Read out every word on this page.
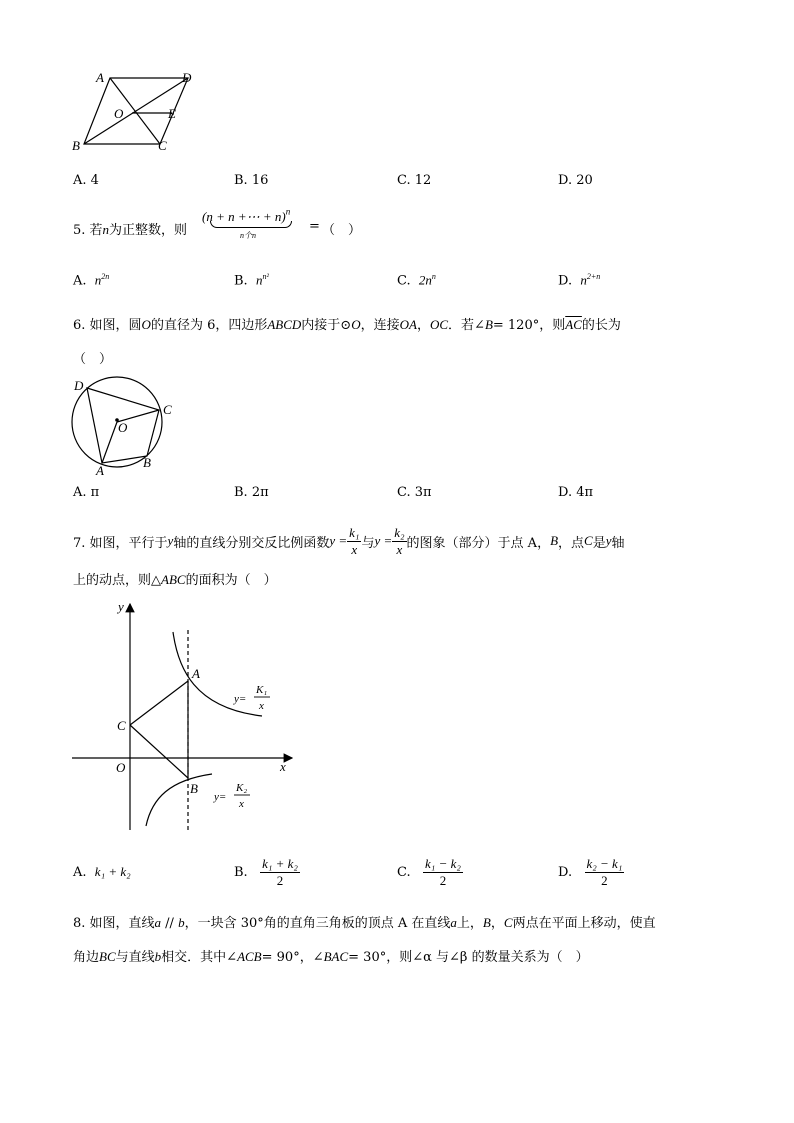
A	D
O	E
B	C
A. 4	B. 16	C. 12	D. 20
5. 若n为正整数，则
(n + n +⋯ + n)$^n$
n个n
= （　）
A. $n^{2n}$	B. $n^{n^2}$	C. $2n^n$	D. $n^{2+n}$
6. 如图，圆O的直径为 6，四边形ABCD内接于⊙O，连接OA，OC．若∠B= 120°，则$\overline{AC}$的长为
（　）
D
C
O
A
B
A. π	B. 2π	C. 3π	D. 4π
7. 如图，平行于 y 轴的直线分别交反比例函数 $y = \frac{\text{k₁}}{x}$ 与 $y = \frac{\text{k₂}}{x}$ 的图象（部分）于点 A， B ，点 C 是 y 轴
上的动点，则△ABC的面积为（　）
y
x
O
A
B
C
y=
K₁
x
y=
K₂
x
A. k₁ + k₂	B.
$\frac{\text{k₁ + k₂}}{2}$	C.
$\frac{\text{k₁ − k₂}}{2}$	D.
$\frac{\text{k₂ − k₁}}{2}$
8. 如图，直线a // b，一块含 30°角的直角三角板的顶点 A 在直线a上，B，C两点在平面上移动，使直
角边BC与直线b相交．其中∠ACB= 90°，∠BAC= 30°，则∠α 与∠β 的数量关系为（　）
